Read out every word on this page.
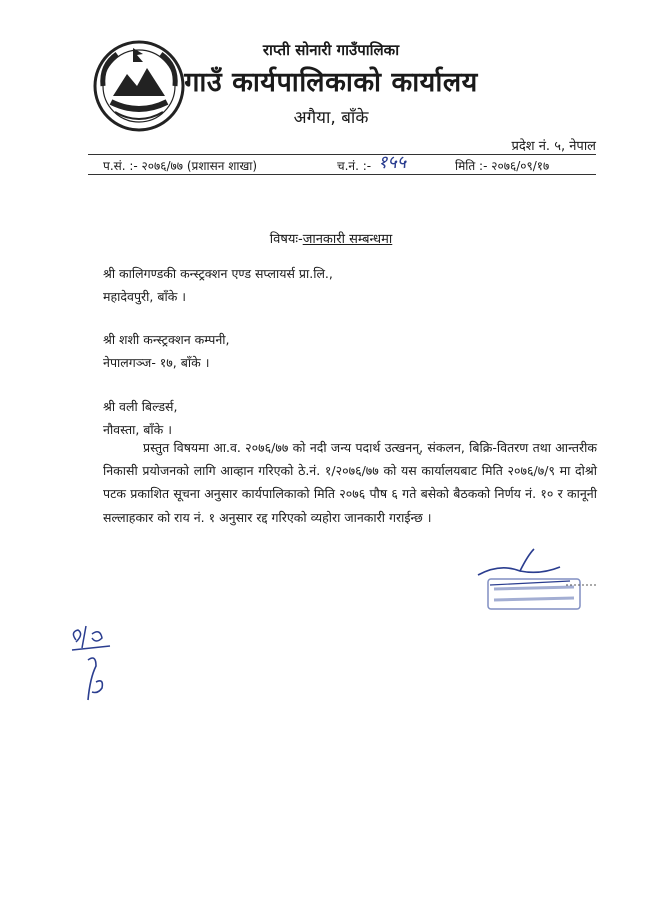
राप्ती सोनारी गाउँपालिका
गाउँ कार्यपालिकाको कार्यालय
अगैया, बाँके
प्रदेश नं. ५, नेपाल
प.सं. :- २०७६/७७ (प्रशासन शाखा)	च.नं. :- १५५	मिति :- २०७६/०९/१७
विषयः-जानकारी सम्बन्धमा
श्री कालिगण्डकी कन्स्ट्रक्शन एण्ड सप्लायर्स प्रा.लि.,
महादेवपुरी, बाँके ।
श्री शशी कन्स्ट्रक्शन कम्पनी,
नेपालगञ्ज- १७, बाँके ।
श्री वली बिल्डर्स,
नौवस्ता, बाँके ।
प्रस्तुत विषयमा आ.व. २०७६/७७ को नदी जन्य पदार्थ उत्खनन्, संकलन, बिक्रि-वितरण तथा आन्तरीक निकासी प्रयोजनको लागि आव्हान गरिएको ठे.नं. १/२०७६/७७ को यस कार्यालयबाट मिति २०७६/७/९ मा दोश्रो पटक प्रकाशित सूचना अनुसार कार्यपालिकाको मिति २०७६ पौष ६ गते बसेको बैठकको निर्णय नं. १० र कानूनी सल्लाहकार को राय नं. १ अनुसार रद्द गरिएको व्यहोरा जानकारी गराईन्छ ।
